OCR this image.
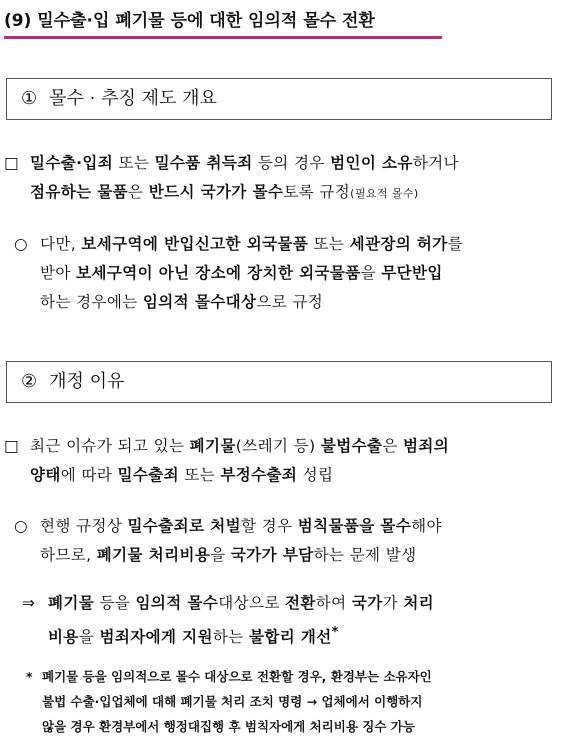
(9) 밀수출·입 폐기물 등에 대한 임의적 몰수 전환
① 몰수 · 추징 제도 개요
□ 밀수출·입죄 또는 밀수품 취득죄 등의 경우 범인이 소유하거나
점유하는 물품은 반드시 국가가 몰수토록 규정(필요적 몰수)
○ 다만, 보세구역에 반입신고한 외국물품 또는 세관장의 허가를
받아 보세구역이 아닌 장소에 장치한 외국물품을 무단반입
하는 경우에는 임의적 몰수대상으로 규정
② 개정 이유
□ 최근 이슈가 되고 있는 폐기물(쓰레기 등) 불법수출은 범죄의
양태에 따라 밀수출죄 또는 부정수출죄 성립
○ 현행 규정상 밀수출죄로 처벌할 경우 범칙물품을 몰수해야
하므로, 폐기물 처리비용을 국가가 부담하는 문제 발생
⇒ 폐기물 등을 임의적 몰수대상으로 전환하여 국가가 처리
비용을 범죄자에게 지원하는 불합리 개선*
* 폐기물 등을 임의적으로 몰수 대상으로 전환할 경우, 환경부는 소유자인
불법 수출·입업체에 대해 폐기물 처리 조치 명령 → 업체에서 이행하지
않을 경우 환경부에서 행정대집행 후 범칙자에게 처리비용 징수 가능
